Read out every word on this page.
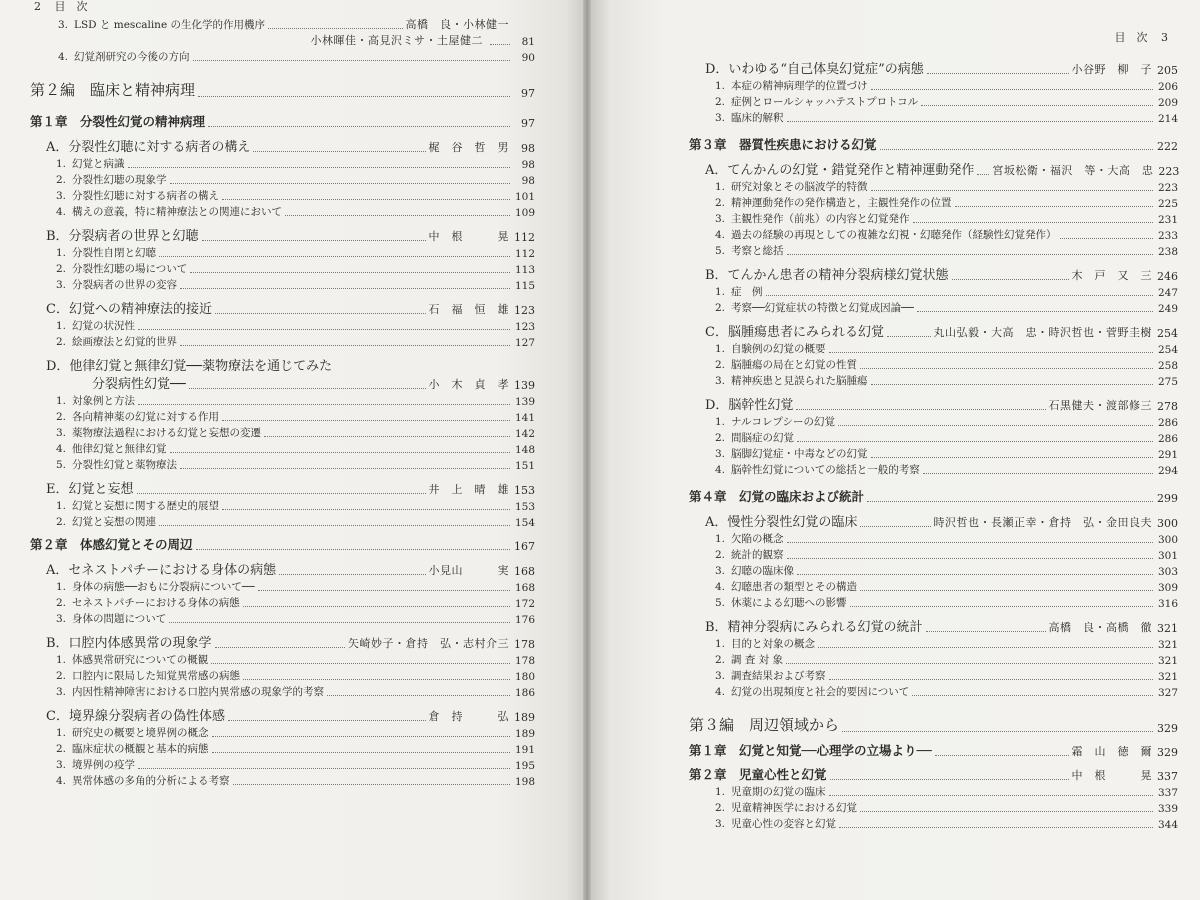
2 目　次
3. LSD と mescaline の生化学的作用機序	高橋　良・小林健一
小林暉佳・高見沢ミサ・土屋健二	81
4. 幻覚剤研究の今後の方向	90
第２編　臨床と精神病理	97
第１章　分裂性幻覚の精神病理	97
A．分裂性幻聴に対する病者の構え	梶　谷　哲　男	98
1. 幻覚と病識	98
2. 分裂性幻聴の現象学	98
3. 分裂性幻聴に対する病者の構え	101
4. 構えの意義，特に精神療法との関連において	109
B．分裂病者の世界と幻聴	中　根　　　晃 112
1. 分裂性自閉と幻聴	112
2. 分裂性幻聴の場について	113
3. 分裂病者の世界の変容	115
C．幻覚への精神療法的接近	石　福　恒　雄 123
1. 幻覚の状況性	123
2. 絵画療法と幻覚的世界	127
D．他律幻覚と無律幻覚──薬物療法を通じてみた
分裂病性幻覚──	小　木　貞　孝 139
1. 対象例と方法	139
2. 各向精神薬の幻覚に対する作用	141
3. 薬物療法過程における幻覚と妄想の変遷	142
4. 他律幻覚と無律幻覚	148
5. 分裂性幻覚と薬物療法	151
E．幻覚と妄想	井　上　晴　雄 153
1. 幻覚と妄想に関する歴史的展望	153
2. 幻覚と妄想の関連	154
第２章　体感幻覚とその周辺	167
A．セネストパチーにおける身体の病態	小見山　　　実 168
1. 身体の病態──おもに分裂病について──	168
2. セネストパチーにおける身体の病態	172
3. 身体の問題について	176
B．口腔内体感異常の現象学	矢崎妙子・倉持　弘・志村介三 178
1. 体感異常研究についての概観	178
2. 口腔内に限局した知覚異常感の病態	180
3. 内因性精神障害における口腔内異常感の現象学的考察	186
C．境界線分裂病者の偽性体感	倉　持　　　弘 189
1. 研究史の概要と境界例の概念	189
2. 臨床症状の概観と基本的病態	191
3. 境界例の疫学	195
4. 異常体感の多角的分析による考察	198
目　次 3
D．いわゆる“自己体臭幻覚症”の病態	小谷野　柳　子 205
1. 本症の精神病理学的位置づけ	206
2. 症例とロールシャッハテストプロトコル	209
3. 臨床的解釈	214
第３章　器質性疾患における幻覚	222
A．てんかんの幻覚・錯覚発作と精神運動発作 宮坂松衛・福沢　等・大高　忠 223
1. 研究対象とその脳波学的特徴	223
2. 精神運動発作の発作構造と，主観性発作の位置	225
3. 主観性発作（前兆）の内容と幻覚発作	231
4. 過去の経験の再現としての複雑な幻視・幻聴発作（経験性幻覚発作）	233
5. 考察と総括	238
B．てんかん患者の精神分裂病様幻覚状態	木　戸　又　三 246
1. 症　例	247
2. 考察──幻覚症状の特徴と幻覚成因論──	249
C．脳腫瘍患者にみられる幻覚	丸山弘毅・大高　忠・時沢哲也・菅野圭樹 254
1. 自験例の幻覚の概要	254
2. 脳腫瘍の局在と幻覚の性質	258
3. 精神疾患と見誤られた脳腫瘍	275
D．脳幹性幻覚	石黒健夫・渡部修三 278
1. ナルコレプシーの幻覚	286
2. 間脳症の幻覚	286
3. 脳脚幻覚症・中毒などの幻覚	291
4. 脳幹性幻覚についての総括と一般的考察	294
第４章　幻覚の臨床および統計	299
A．慢性分裂性幻覚の臨床	時沢哲也・長瀬正幸・倉持　弘・金田良夫 300
1. 欠陥の概念	300
2. 統計的観察	301
3. 幻聴の臨床像	303
4. 幻聴患者の類型とその構造	309
5. 休薬による幻聴への影響	316
B．精神分裂病にみられる幻覚の統計	高橋　良・高橋　徹 321
1. 目的と対象の概念	321
2. 調 査 対 象	321
3. 調査結果および考察	321
4. 幻覚の出現頻度と社会的要因について	327
第３編　周辺領域から	329
第１章　幻覚と知覚──心理学の立場より──	霜　山　徳　爾 329
第２章　児童心性と幻覚	中　根　　　晃 337
1. 児童期の幻覚の臨床	337
2. 児童精神医学における幻覚	339
3. 児童心性の変容と幻覚	344
